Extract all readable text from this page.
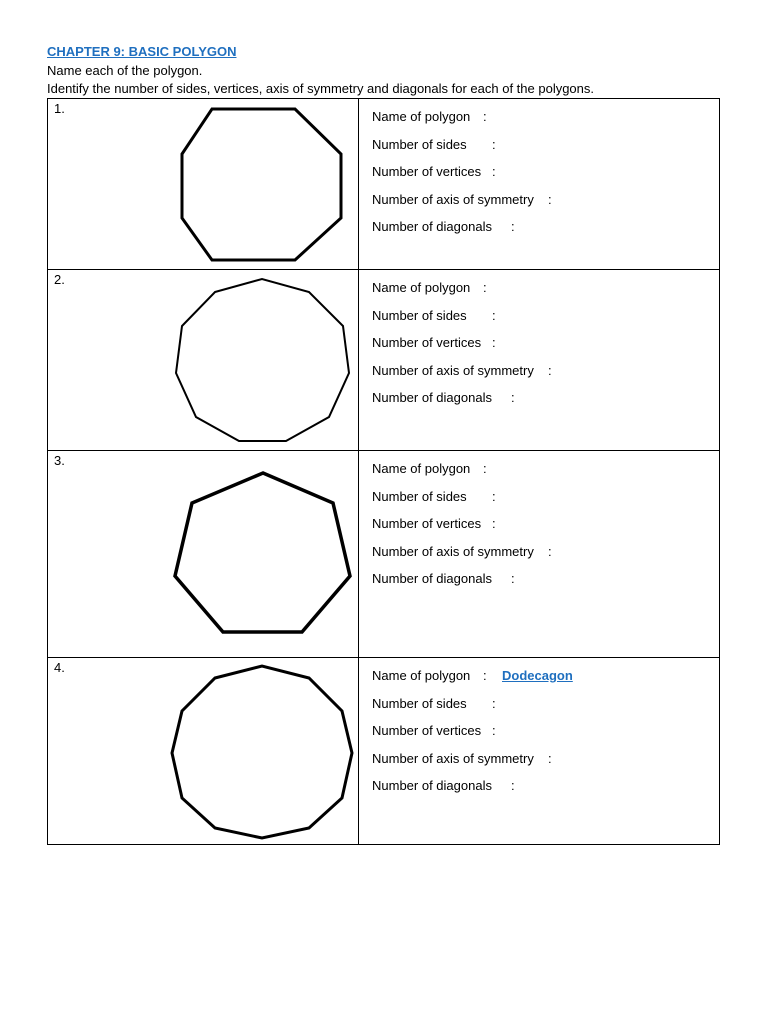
CHAPTER 9: BASIC POLYGON
Name each of the polygon.
Identify the number of sides, vertices, axis of symmetry and diagonals for each of the polygons.
1.
Name of polygon :
Number of sides :
Number of vertices :
Number of axis of symmetry :
Number of diagonals :
2.
Name of polygon :
Number of sides :
Number of vertices :
Number of axis of symmetry :
Number of diagonals :
3.
Name of polygon :
Number of sides :
Number of vertices :
Number of axis of symmetry :
Number of diagonals :
4.
Name of polygon : Dodecagon
Number of sides :
Number of vertices :
Number of axis of symmetry :
Number of diagonals :
